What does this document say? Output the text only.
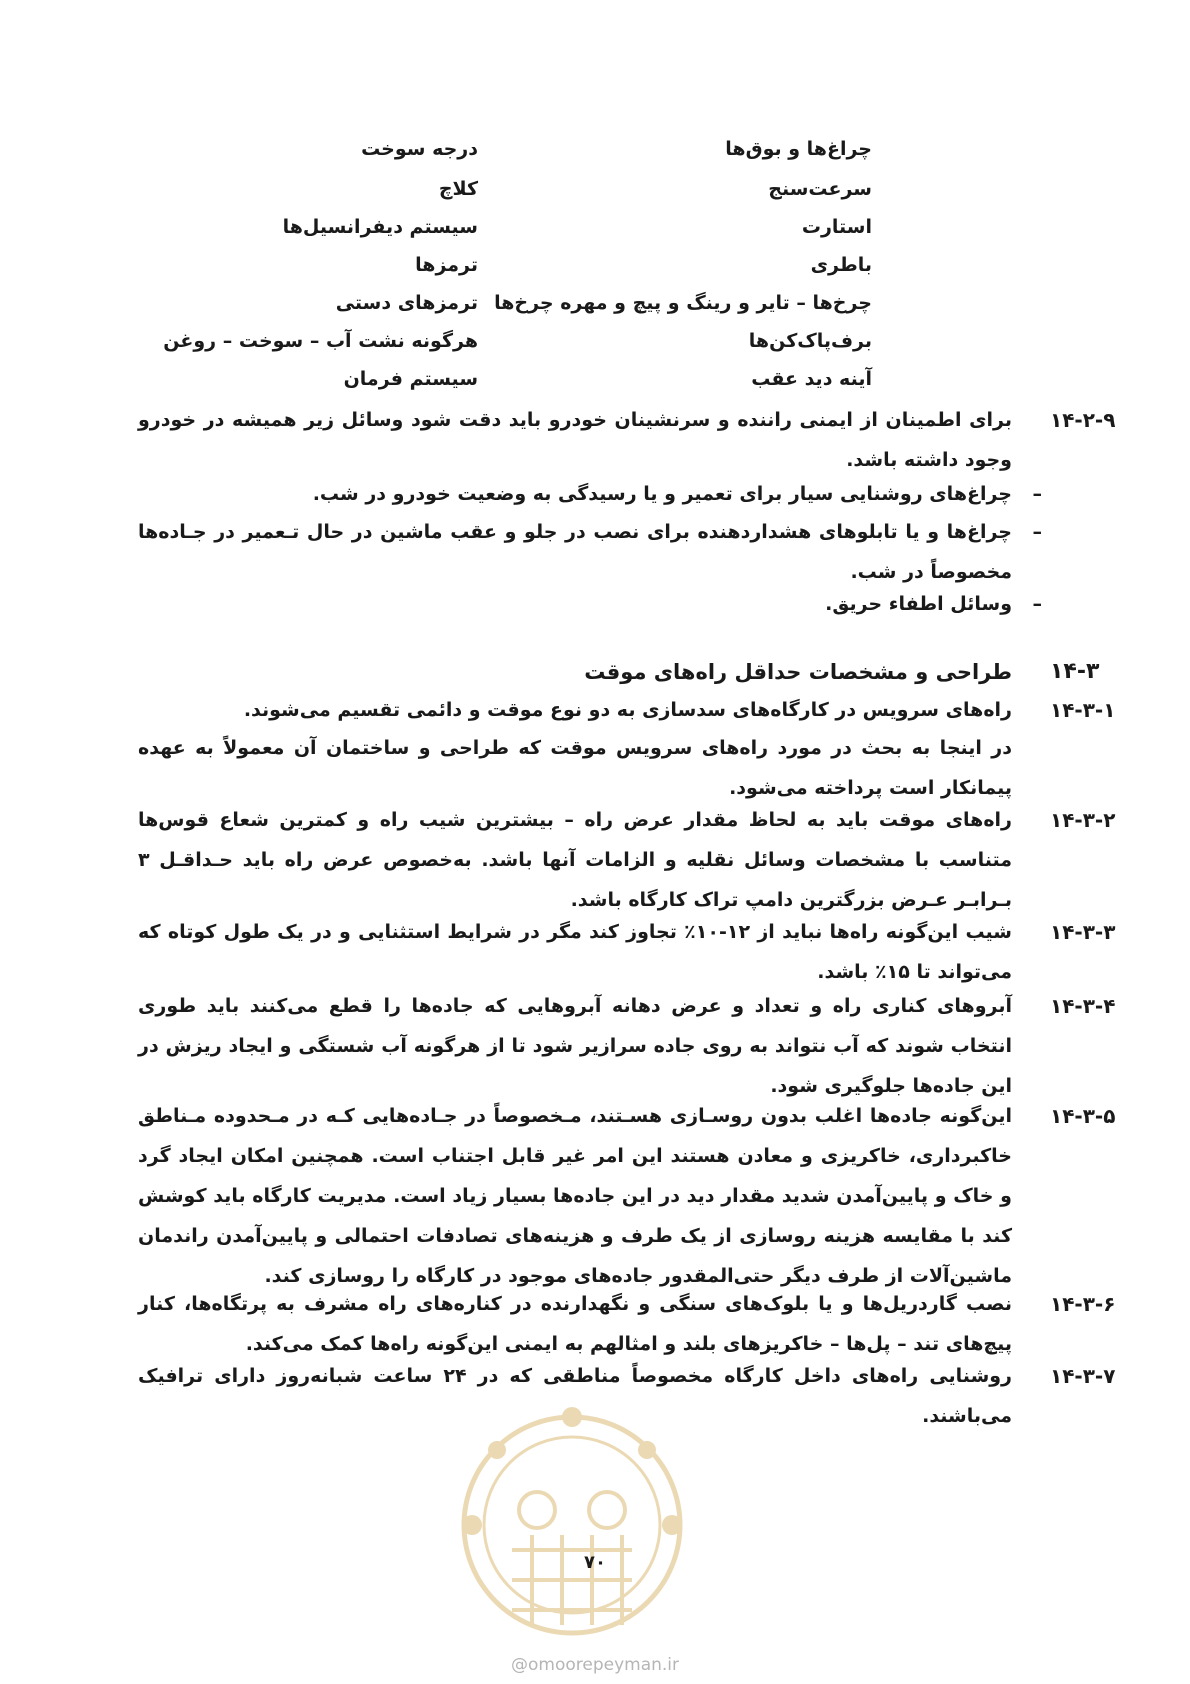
چراغ‌ها و بوق‌ها
سرعت‌سنج
استارت
باطری
چرخ‌ها – تایر و رینگ و پیچ و مهره چرخ‌ها
برف‌پاک‌کن‌ها
آینه دید عقب
درجه سوخت
کلاچ
سیستم دیفرانسیل‌ها
ترمزها
ترمزهای دستی
هرگونه نشت آب – سوخت – روغن
سیستم فرمان
۱۴-۲-۹
برای اطمینان از ایمنی راننده و سرنشینان خودرو باید دقت شود وسائل زیر همیشه در خودرو وجود داشته باشد.
–
چراغ‌های روشنایی سیار برای تعمیر و یا رسیدگی به وضعیت خودرو در شب.
–
چراغ‌ها و یا تابلوهای هشداردهنده برای نصب در جلو و عقب ماشین در حال تـعمیر در جـاده‌ها مخصوصاً در شب.
–
وسائل اطفاء حریق.
۱۴-۳
طراحی و مشخصات حداقل راه‌های موقت
۱۴-۳-۱
راه‌های سرویس در کارگاه‌های سدسازی به دو نوع موقت و دائمی تقسیم می‌شوند.
در اینجا به بحث در مورد راه‌های سرویس موقت که طراحی و ساختمان آن معمولاً به عهده پیمانکار است پرداخته می‌شود.
۱۴-۳-۲
راه‌های موقت باید به لحاظ مقدار عرض راه – بیشترین شیب راه و کمترین شعاع قوس‌ها متناسب با مشخصات وسائل نقلیه و الزامات آنها باشد. به‌خصوص عرض راه باید حـداقـل ۳ بـرابـر عـرض بزرگترین دامپ تراک کارگاه باشد.
۱۴-۳-۳
شیب این‌گونه راه‌ها نباید از ۱۲-۱۰٪ تجاوز کند مگر در شرایط استثنایی و در یک طول کوتاه که می‌تواند تا ۱۵٪ باشد.
۱۴-۳-۴
آبروهای کناری راه و تعداد و عرض دهانه آبروهایی که جاده‌ها را قطع می‌کنند باید طوری انتخاب شوند که آب نتواند به روی جاده سرازیر شود تا از هرگونه آب شستگی و ایجاد ریزش در این جاده‌ها جلوگیری شود.
۱۴-۳-۵
این‌گونه جاده‌ها اغلب بدون روسـازی هسـتند، مـخصوصاً در جـاده‌هایی کـه در مـحدوده مـناطق خاکبرداری، خاکریزی و معادن هستند این امر غیر قابل اجتناب است. همچنین امکان ایجاد گرد و خاک و پایین‌آمدن شدید مقدار دید در این جاده‌ها بسیار زیاد است. مدیریت کارگاه باید کوشش کند با مقایسه هزینه روسازی از یک طرف و هزینه‌های تصادفات احتمالی و پایین‌آمدن راندمان ماشین‌آلات از طرف دیگر حتی‌المقدور جاده‌های موجود در کارگاه را روسازی کند.
۱۴-۳-۶
نصب گاردریل‌ها و یا بلوک‌های سنگی و نگهدارنده در کناره‌های راه مشرف به پرتگاه‌ها، کنار پیچ‌های تند – پل‌ها – خاکریزهای بلند و امثالهم به ایمنی این‌گونه راه‌ها کمک می‌کند.
۱۴-۳-۷
روشنایی راه‌های داخل کارگاه مخصوصاً مناطقی که در ۲۴ ساعت شبانه‌روز دارای ترافیک می‌باشند.
۷۰
@omoorepeyman.ir
